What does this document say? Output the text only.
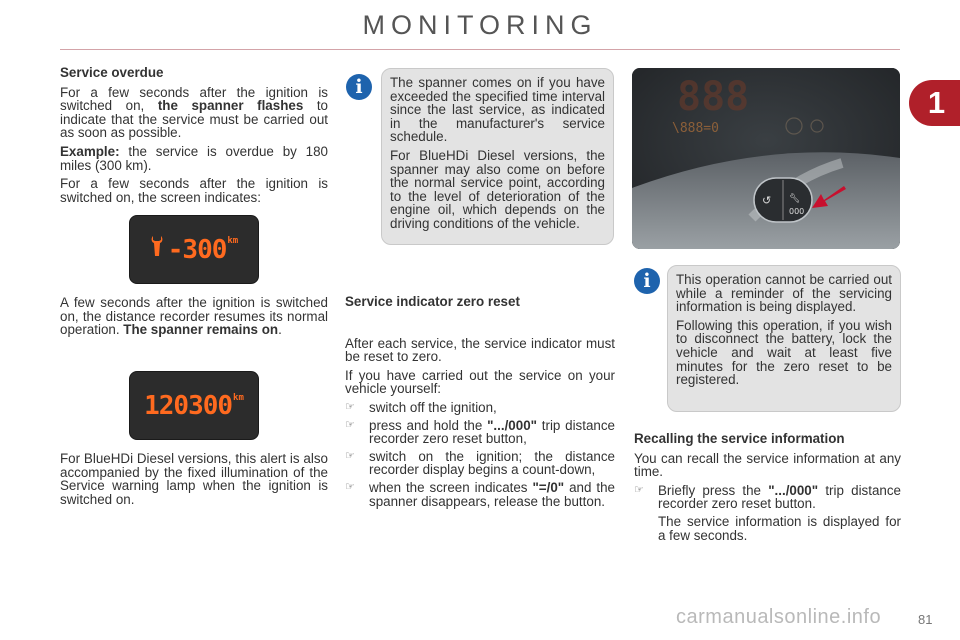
MONITORING
1
Service overdue

For a few seconds after the ignition is switched on, the spanner flashes to indicate that the service must be carried out as soon as possible.

Example: the service is overdue by 180 miles (300 km).

For a few seconds after the ignition is switched on, the screen indicates:

-300 km

A few seconds after the ignition is switched on, the distance recorder resumes its normal operation. The spanner remains on.

120300 km

For BlueHDi Diesel versions, this alert is also accompanied by the fixed illumination of the Service warning lamp when the ignition is switched on.

i	The spanner comes on if you have exceeded the specified time interval since the last service, as indicated in the manufacturer's service schedule.

For BlueHDi Diesel versions, the spanner may also come on before the normal service point, according to the level of deterioration of the engine oil, which depends on the driving conditions of the vehicle.

888
\888=0
↺ 🔧︎
000
Service indicator zero reset

After each service, the service indicator must be reset to zero.

If you have carried out the service on your vehicle yourself:

☞ switch off the ignition,
☞ press and hold the ".../000" trip distance recorder zero reset button,
☞ switch on the ignition; the distance recorder display begins a count-down,
☞ when the screen indicates "=/0" and the spanner disappears, release the button.
i	This operation cannot be carried out while a reminder of the servicing information is being displayed.

Following this operation, if you wish to disconnect the battery, lock the vehicle and wait at least five minutes for the zero reset to be registered.

Recalling the service information

You can recall the service information at any time.

☞ Briefly press the ".../000" trip distance recorder zero reset button.
The service information is displayed for a few seconds.
carmanualsonline.info	81
